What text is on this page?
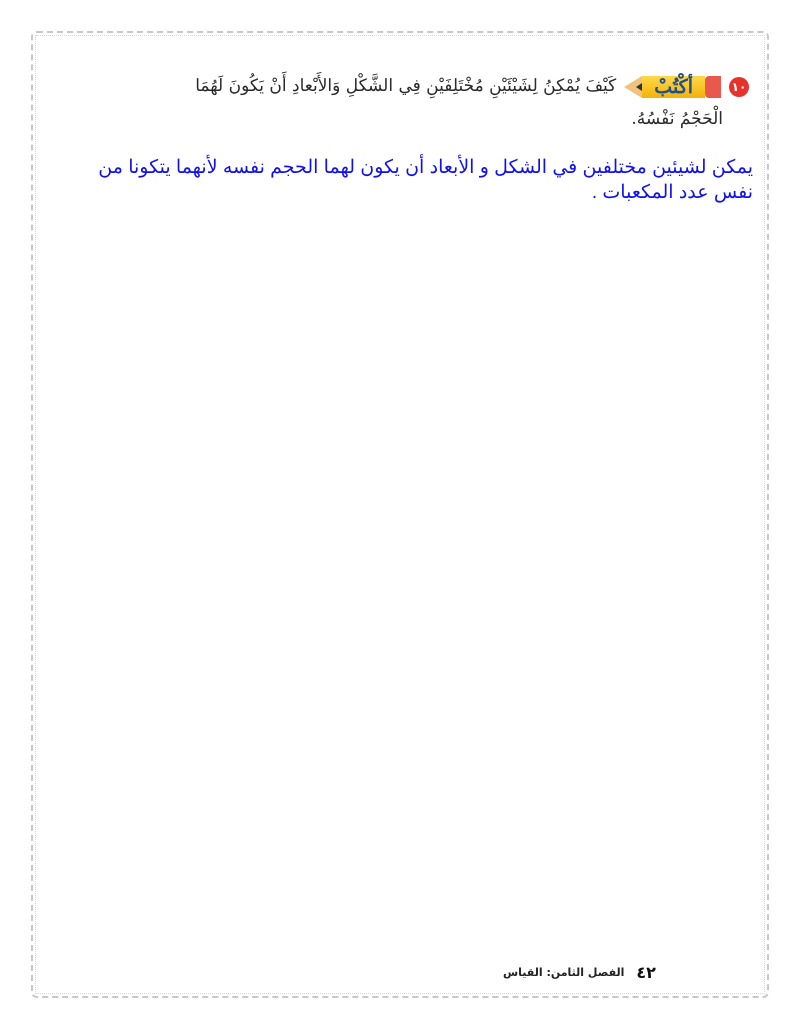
١٠
أكْتُبْ
كَيْفَ يُمْكِنُ لِشَيْئَيْنِ مُخْتَلِفَيْنِ فِي الشَّكْلِ وَالأَبْعادِ أَنْ يَكُونَ لَهُمَا
الْحَجْمُ نَفْسُهُ.
يمكن لشيئين مختلفين في الشكل و الأبعاد أن يكون لهما الحجم نفسه لأنهما يتكونا من
نفس عدد المكعبات .
٤٢
الفصل الثامن: القياس
